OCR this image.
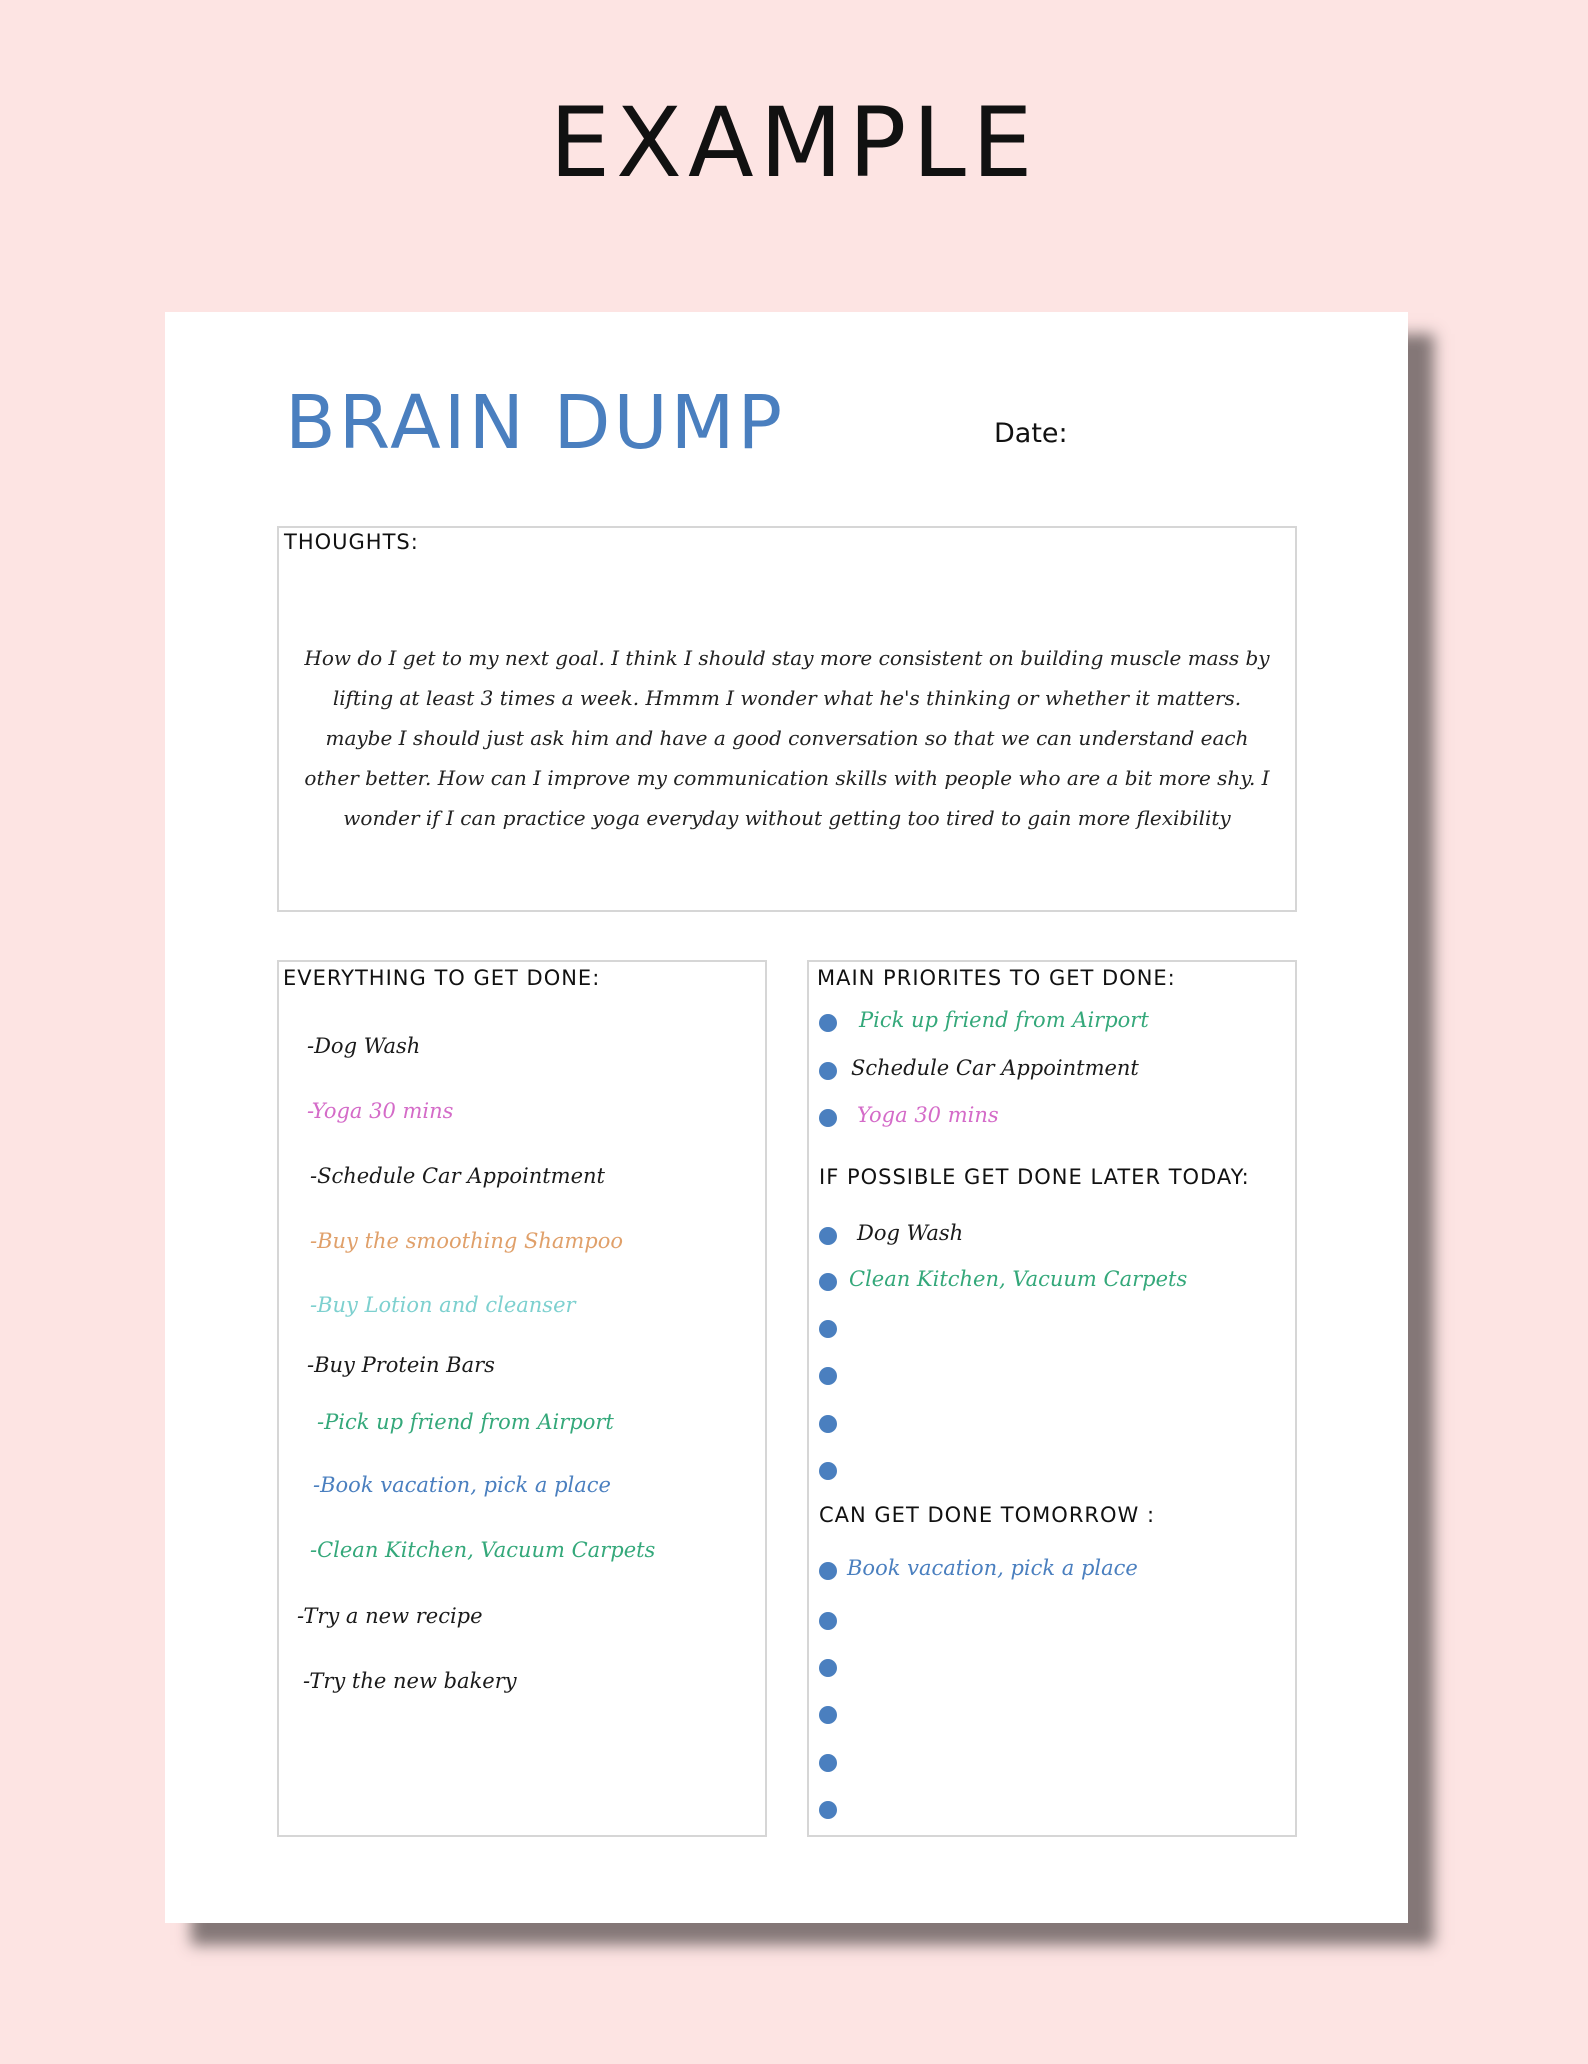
EXAMPLE
BRAIN DUMP	Date:
THOUGHTS:
How do I get to my next goal. I think I should stay more consistent on building muscle mass by lifting at least 3 times a week. Hmmm I wonder what he's thinking or whether it matters. maybe I should just ask him and have a good conversation so that we can understand each other better. How can I improve my communication skills with people who are a bit more shy. I wonder if I can practice yoga everyday without getting too tired to gain more flexibility
EVERYTHING TO GET DONE:
-Dog Wash
-Yoga 30 mins
-Schedule Car Appointment
-Buy the smoothing Shampoo
-Buy Lotion and cleanser
-Buy Protein Bars
-Pick up friend from Airport
-Book vacation, pick a place
-Clean Kitchen, Vacuum Carpets
-Try a new recipe
-Try the new bakery
MAIN PRIORITES TO GET DONE:
Pick up friend from Airport
Schedule Car Appointment
Yoga 30 mins
IF POSSIBLE GET DONE LATER TODAY:
Dog Wash
Clean Kitchen, Vacuum Carpets
CAN GET DONE TOMORROW :
Book vacation, pick a place
